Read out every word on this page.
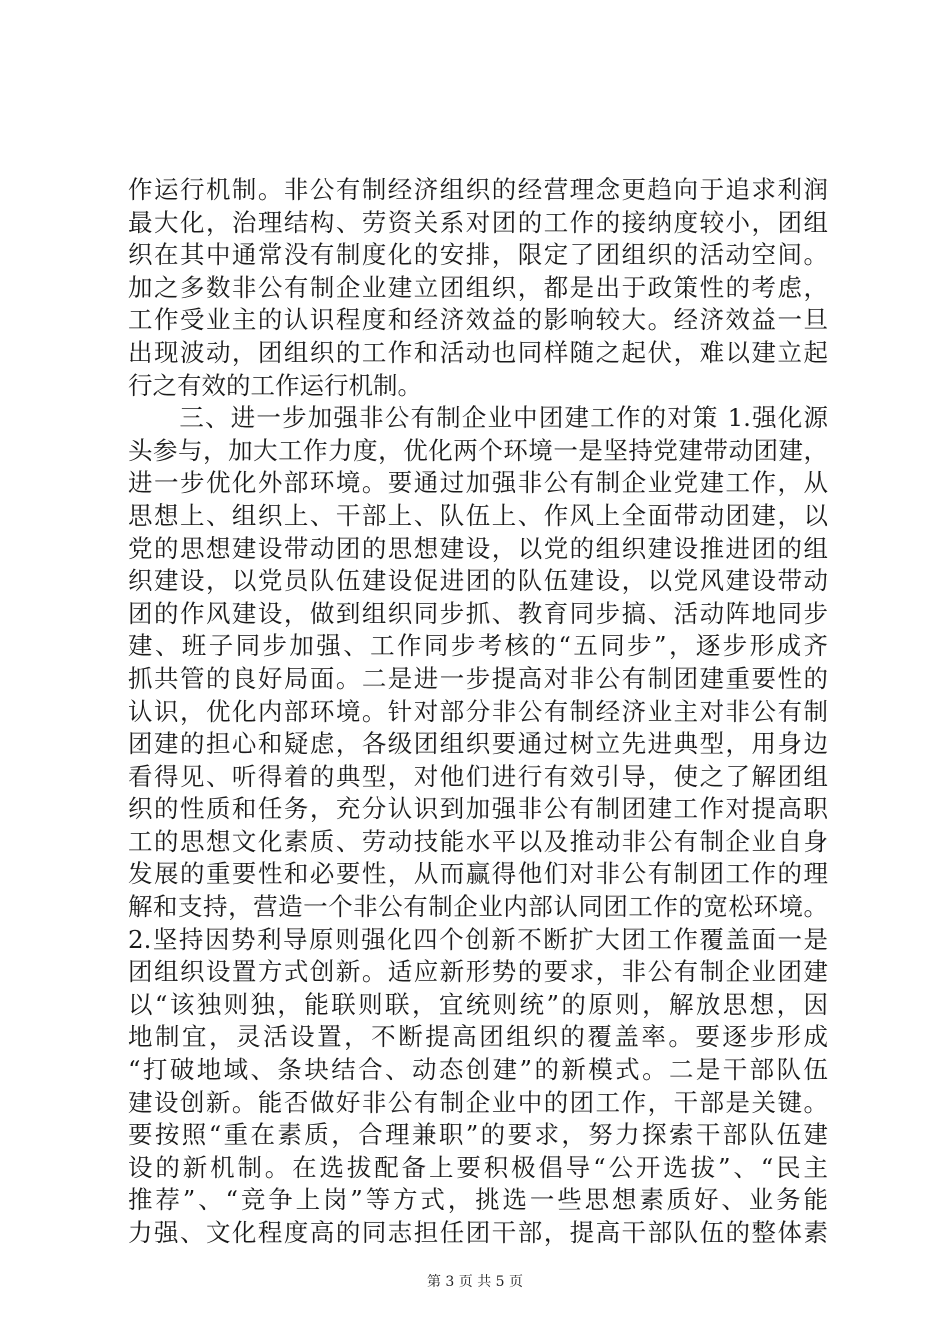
作运行机制。非公有制经济组织的经营理念更趋向于追求利润
最大化，治理结构、劳资关系对团的工作的接纳度较小，团组
织在其中通常没有制度化的安排，限定了团组织的活动空间。
加之多数非公有制企业建立团组织，都是出于政策性的考虑，
工作受业主的认识程度和经济效益的影响较大。经济效益一旦
出现波动，团组织的工作和活动也同样随之起伏，难以建立起
行之有效的工作运行机制。
　　三、进一步加强非公有制企业中团建工作的对策 1.强化源
头参与，加大工作力度，优化两个环境一是坚持党建带动团建，
进一步优化外部环境。要通过加强非公有制企业党建工作，从
思想上、组织上、干部上、队伍上、作风上全面带动团建，以
党的思想建设带动团的思想建设，以党的组织建设推进团的组
织建设，以党员队伍建设促进团的队伍建设，以党风建设带动
团的作风建设，做到组织同步抓、教育同步搞、活动阵地同步
建、班子同步加强、工作同步考核的“五同步”，逐步形成齐
抓共管的良好局面。二是进一步提高对非公有制团建重要性的
认识，优化内部环境。针对部分非公有制经济业主对非公有制
团建的担心和疑虑，各级团组织要通过树立先进典型，用身边
看得见、听得着的典型，对他们进行有效引导，使之了解团组
织的性质和任务，充分认识到加强非公有制团建工作对提高职
工的思想文化素质、劳动技能水平以及推动非公有制企业自身
发展的重要性和必要性，从而赢得他们对非公有制团工作的理
解和支持，营造一个非公有制企业内部认同团工作的宽松环境。
2.坚持因势利导原则强化四个创新不断扩大团工作覆盖面一是
团组织设置方式创新。适应新形势的要求，非公有制企业团建
以“该独则独，能联则联，宜统则统”的原则，解放思想，因
地制宜，灵活设置，不断提高团组织的覆盖率。要逐步形成
“打破地域、条块结合、动态创建”的新模式。二是干部队伍
建设创新。能否做好非公有制企业中的团工作，干部是关键。
要按照“重在素质，合理兼职”的要求，努力探索干部队伍建
设的新机制。在选拔配备上要积极倡导“公开选拔”、“民主
推荐”、“竞争上岗”等方式，挑选一些思想素质好、业务能
力强、文化程度高的同志担任团干部，提高干部队伍的整体素
第 3 页 共 5 页
